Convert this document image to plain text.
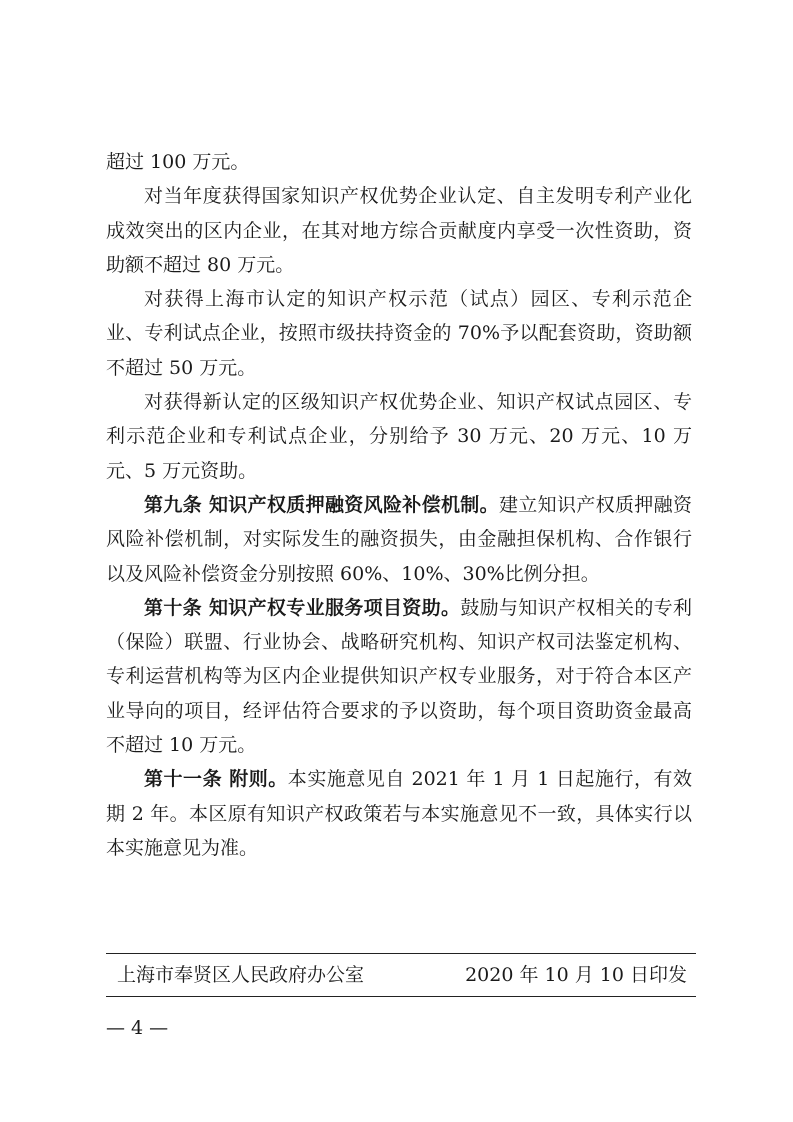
超过 100 万元。

对当年度获得国家知识产权优势企业认定、自主发明专利产业化成效突出的区内企业，在其对地方综合贡献度内享受一次性资助，资助额不超过 80 万元。

对获得上海市认定的知识产权示范（试点）园区、专利示范企业、专利试点企业，按照市级扶持资金的 70%予以配套资助，资助额不超过 50 万元。

对获得新认定的区级知识产权优势企业、知识产权试点园区、专利示范企业和专利试点企业，分别给予 30 万元、20 万元、10 万元、5 万元资助。

第九条 知识产权质押融资风险补偿机制。建立知识产权质押融资风险补偿机制，对实际发生的融资损失，由金融担保机构、合作银行以及风险补偿资金分别按照 60%、10%、30%比例分担。

第十条 知识产权专业服务项目资助。鼓励与知识产权相关的专利（保险）联盟、行业协会、战略研究机构、知识产权司法鉴定机构、专利运营机构等为区内企业提供知识产权专业服务，对于符合本区产业导向的项目，经评估符合要求的予以资助，每个项目资助资金最高不超过 10 万元。

第十一条 附则。本实施意见自 2021 年 1 月 1 日起施行，有效期 2 年。本区原有知识产权政策若与本实施意见不一致，具体实行以本实施意见为准。

上海市奉贤区人民政府办公室	2020 年 10 月 10 日印发
— 4 —
